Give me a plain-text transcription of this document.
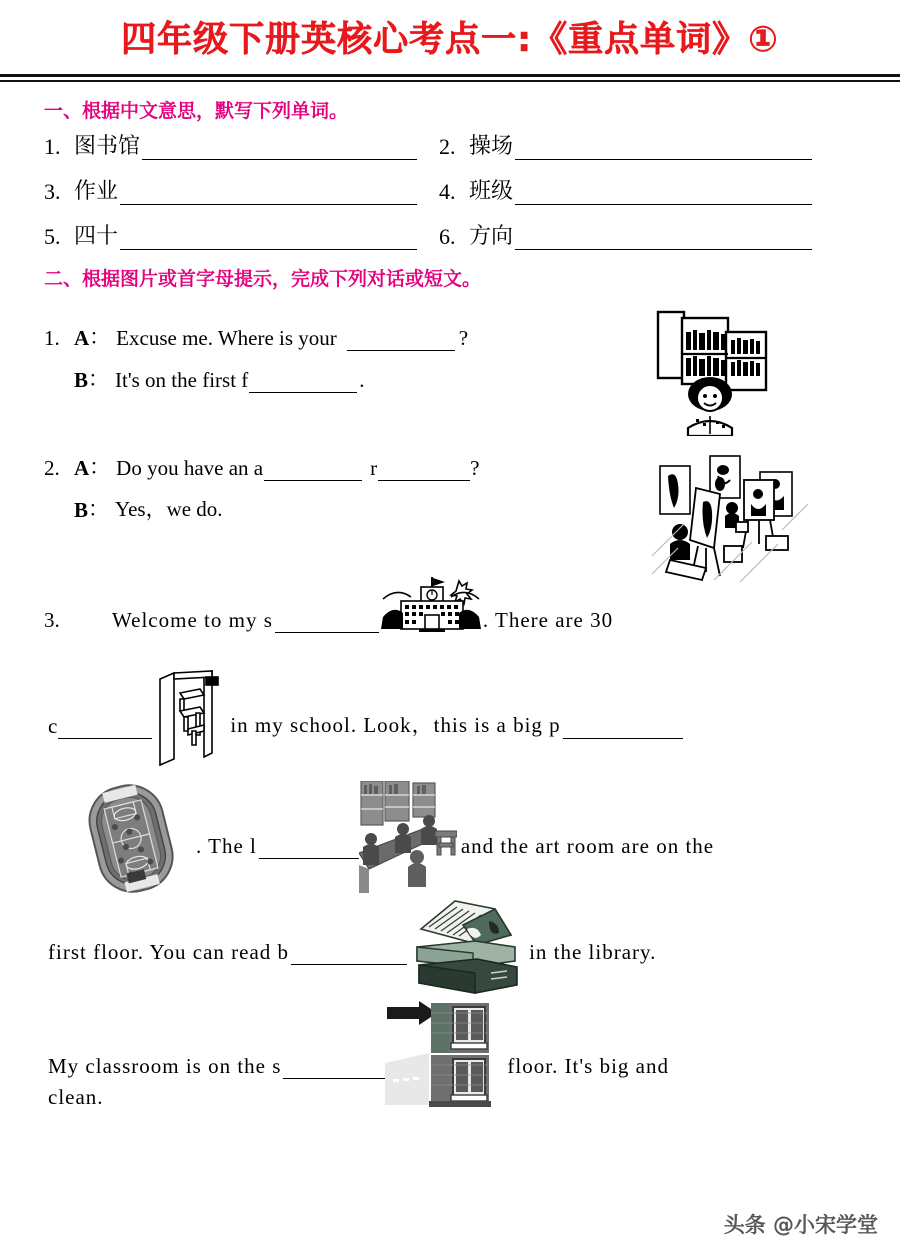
四年级下册英核心考点一:《重点单词》①
一、根据中文意思，默写下列单词。
1. 图书馆	2. 操场
3. 作业	4. 班级
5. 四十	6. 方向
二、根据图片或首字母提示，完成下列对话或短文。
1. A ： Excuse me. Where is your	?
B ： It's on the first f	.
2. A ： Do you have an a	r	?
B ： Yes，we do.
3.	Welcome to my s	. There are 30
c	in my school. Look，this is a big p
. The l	and the art room are on the
first floor. You can read b	in the library.
My classroom is on the s	floor. It's big and
clean.
头条 @小宋学堂
